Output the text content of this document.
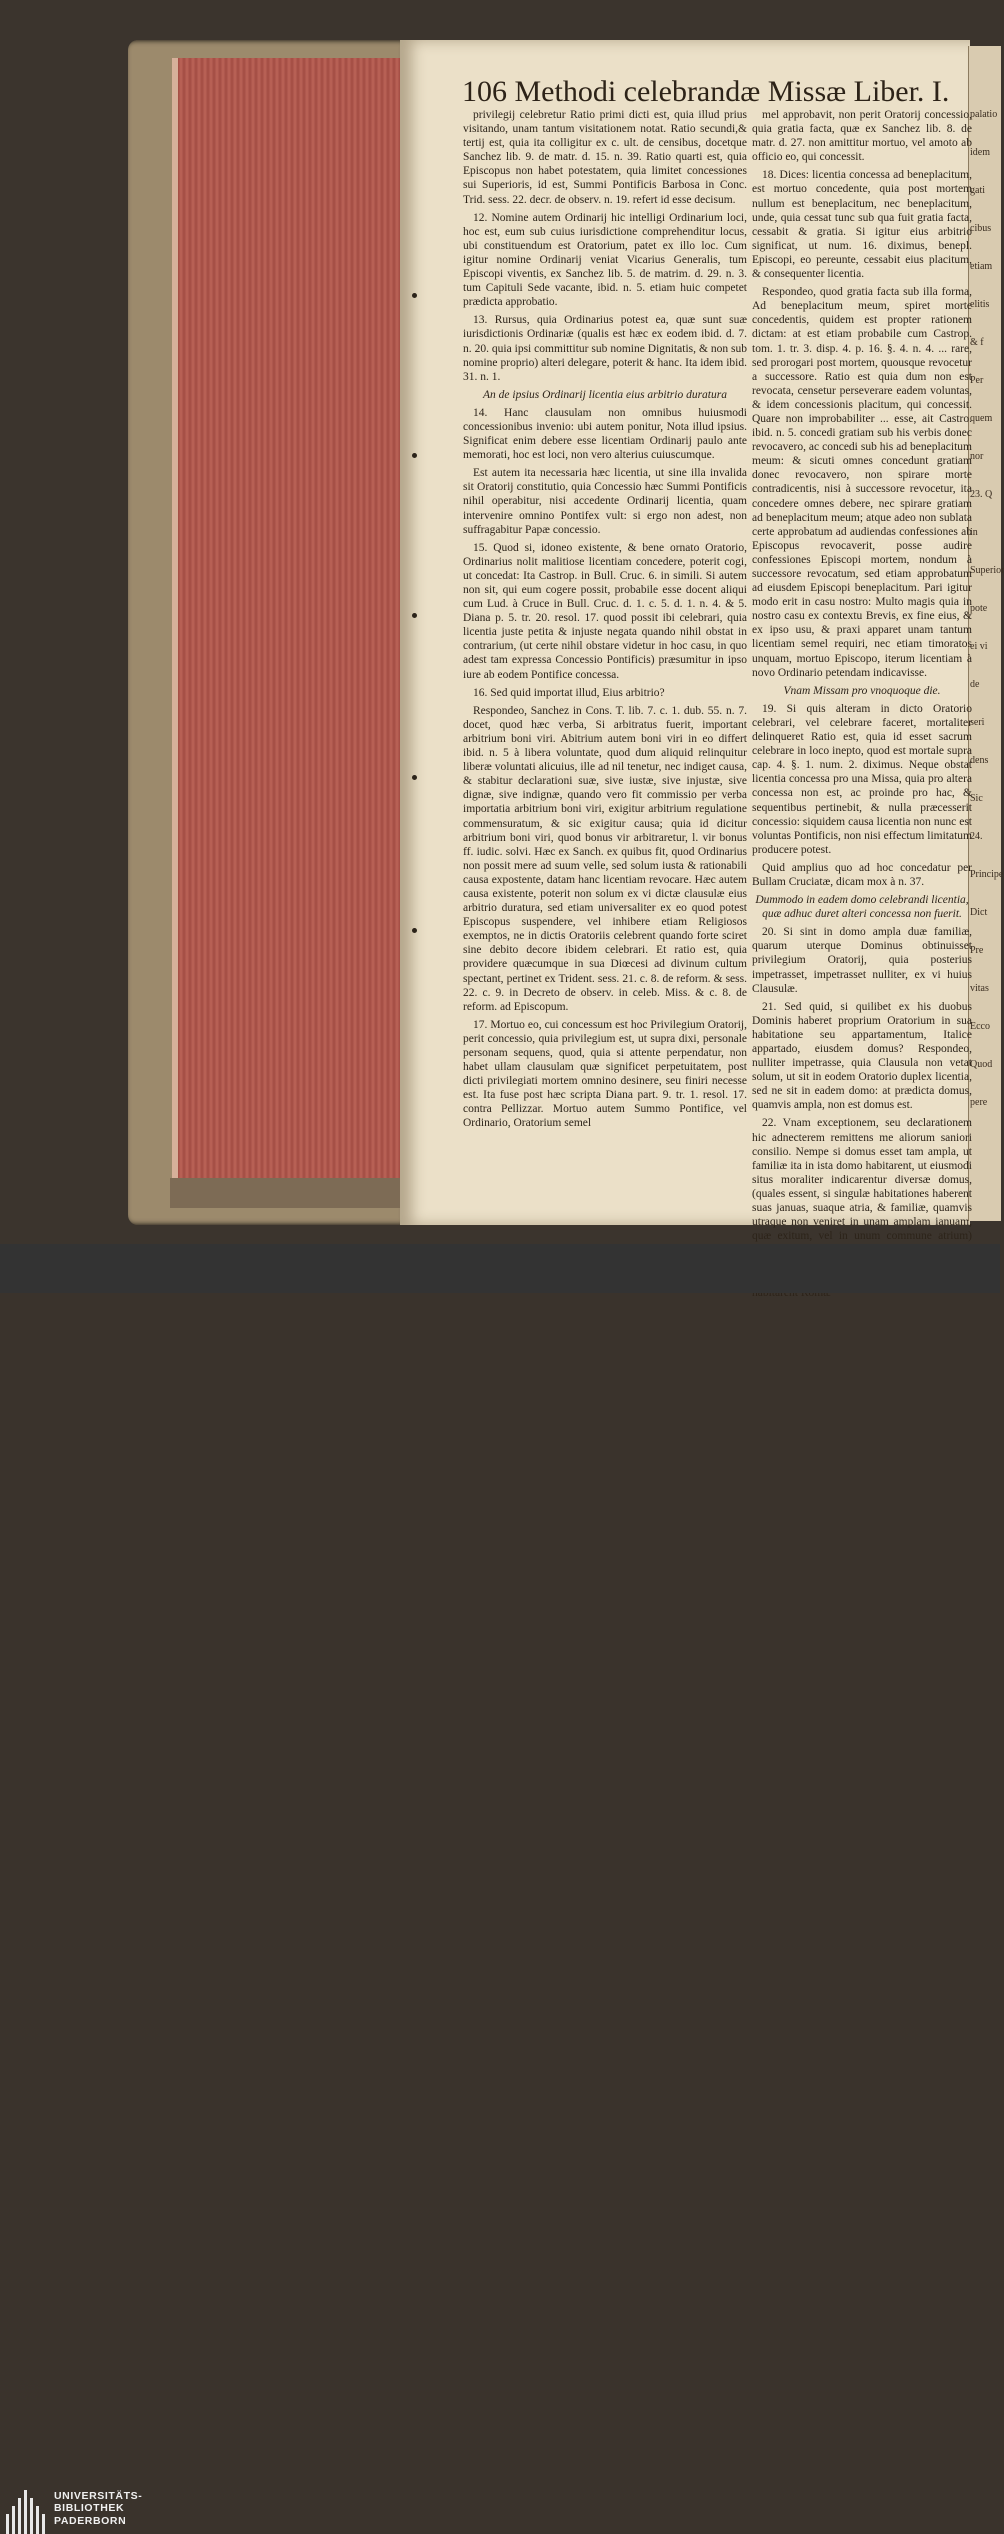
106 Methodi celebrandæ Missæ Liber. I.

privilegij celebretur Ratio primi dicti est, quia illud prius visitando, unam tantum visitationem notat. Ratio secundi,& tertij est, quia ita colligitur ex c. ult. de censibus, docetque Sanchez lib. 9. de matr. d. 15. n. 39. Ratio quarti est, quia Episcopus non habet potestatem, quia limitet concessiones sui Superioris, id est, Summi Pontificis Barbosa in Conc. Trid. sess. 22. decr. de observ. n. 19. refert id esse decisum.

12. Nomine autem Ordinarij hic intelligi Ordinarium loci, hoc est, eum sub cuius iurisdictione comprehenditur locus, ubi constituendum est Oratorium, patet ex illo loc. Cum igitur nomine Ordinarij veniat Vicarius Generalis, tum Episcopi viventis, ex Sanchez lib. 5. de matrim. d. 29. n. 3. tum Capituli Sede vacante, ibid. n. 5. etiam huic competet prædicta approbatio.

13. Rursus, quia Ordinarius potest ea, quæ sunt suæ iurisdictionis Ordinariæ (qualis est hæc ex eodem ibid. d. 7. n. 20. quia ipsi committitur sub nomine Dignitatis, & non sub nomine proprio) alteri delegare, poterit & hanc. Ita idem ibid. 31. n. 1.

An de ipsius Ordinarij licentia eius arbitrio duratura

14. Hanc clausulam non omnibus huiusmodi concessionibus invenio: ubi autem ponitur, Nota illud ipsius. Significat enim debere esse licentiam Ordinarij paulo ante memorati, hoc est loci, non vero alterius cuiuscumque.

Est autem ita necessaria hæc licentia, ut sine illa invalida sit Oratorij constitutio, quia Concessio hæc Summi Pontificis nihil operabitur, nisi accedente Ordinarij licentia, quam intervenire omnino Pontifex vult: si ergo non adest, non suffragabitur Papæ concessio.

15. Quod si, idoneo existente, & bene ornato Oratorio, Ordinarius nolit malitiose licentiam concedere, poterit cogi, ut concedat: Ita Castrop. in Bull. Cruc. 6. in simili. Si autem non sit, qui eum cogere possit, probabile esse docent aliqui cum Lud. à Cruce in Bull. Cruc. d. 1. c. 5. d. 1. n. 4. & 5. Diana p. 5. tr. 20. resol. 17. quod possit ibi celebrari, quia licentia juste petita & injuste negata quando nihil obstat in contrarium, (ut certe nihil obstare videtur in hoc casu, in quo adest tam expressa Concessio Pontificis) præsumitur in ipso iure ab eodem Pontifice concessa.

16. Sed quid importat illud, Eius arbitrio?

Respondeo, Sanchez in Cons. T. lib. 7. c. 1. dub. 55. n. 7. docet, quod hæc verba, Si arbitratus fuerit, important arbitrium boni viri. Abitrium autem boni viri in eo differt ibid. n. 5 à libera voluntate, quod dum aliquid relinquitur liberæ voluntati alicuius, ille ad nil tenetur, nec indiget causa, & stabitur declarationi suæ, sive iustæ, sive injustæ, sive dignæ, sive indignæ, quando vero fit commissio per verba importatia arbitrium boni viri, exigitur arbitrium regulatione commensuratum, & sic exigitur causa; quia id dicitur arbitrium boni viri, quod bonus vir arbitraretur, l. vir bonus ff. iudic. solvi. Hæc ex Sanch. ex quibus fit, quod Ordinarius non possit mere ad suum velle, sed solum iusta & rationabili causa expostente, datam hanc licentiam revocare. Hæc autem causa existente, poterit non solum ex vi dictæ clausulæ eius arbitrio duratura, sed etiam universaliter ex eo quod potest Episcopus suspendere, vel inhibere etiam Religiosos exemptos, ne in dictis Oratoriis celebrent quando forte sciret sine debito decore ibidem celebrari. Et ratio est, quia providere quæcumque in sua Diœcesi ad divinum cultum spectant, pertinet ex Trident. sess. 21. c. 8. de reform. & sess. 22. c. 9. in Decreto de observ. in celeb. Miss. & c. 8. de reform. ad Episcopum.

17. Mortuo eo, cui concessum est hoc Privilegium Oratorij, perit concessio, quia privilegium est, ut supra dixi, personale personam sequens, quod, quia si attente perpendatur, non habet ullam clausulam quæ significet perpetuitatem, post dicti privilegiati mortem omnino desinere, seu finiri necesse est. Ita fuse post hæc scripta Diana part. 9. tr. 1. resol. 17. contra Pellizzar. Mortuo autem Summo Pontifice, vel Ordinario, Oratorium semel

mel approbavit, non perit Oratorij concessio, quia gratia facta, quæ ex Sanchez lib. 8. de matr. d. 27. non amittitur mortuo, vel amoto ab officio eo, qui concessit.

18. Dices: licentia concessa ad beneplacitum, est mortuo concedente, quia post mortem nullum est beneplacitum, nec beneplacitum, unde, quia cessat tunc sub qua fuit gratia facta, cessabit & gratia. Si igitur eius arbitrio significat, ut num. 16. diximus, benepl. Episcopi, eo pereunte, cessabit eius placitum, & consequenter licentia.

Respondeo, quod gratia facta sub illa forma, Ad beneplacitum meum, spiret morte concedentis, quidem est propter rationem dictam: at est etiam probabile cum Castrop. tom. 1. tr. 3. disp. 4. p. 16. §. 4. n. 4. ... rare, sed prorogari post mortem, quousque revocetur a successore. Ratio est quia dum non est revocata, censetur perseverare eadem voluntas, & idem concessionis placitum, qui concessit. Quare non improbabiliter ... esse, ait Castro. ibid. n. 5. concedi gratiam sub his verbis donec revocavero, ac concedi sub his ad beneplacitum meum: & sicuti omnes concedunt gratiam donec revocavero, non spirare morte contradicentis, nisi à successore revocetur, ita concedere omnes debere, nec spirare gratiam ad beneplacitum meum; atque adeo non sublata certe approbatum ad audiendas confessiones ab Episcopus revocaverit, posse audire confessiones Episcopi mortem, nondum à successore revocatum, sed etiam approbatum ad eiusdem Episcopi beneplacitum. Pari igitur modo erit in casu nostro: Multo magis quia in nostro casu ex contextu Brevis, ex fine eius, & ex ipso usu, & praxi apparet unam tantum licentiam semel requiri, nec etiam timoratos unquam, mortuo Episcopo, iterum licentiam à novo Ordinario petendam indicavisse.

Vnam Missam pro vnoquoque die.

19. Si quis alteram in dicto Oratorio celebrari, vel celebrare faceret, mortaliter delinqueret Ratio est, quia id esset sacrum celebrare in loco inepto, quod est mortale supra cap. 4. §. 1. num. 2. diximus. Neque obstat licentia concessa pro una Missa, quia pro altera concessa non est, ac proinde pro hac, & sequentibus pertinebit, & nulla præcesserit concessio: siquidem causa licentia non nunc est voluntas Pontificis, non nisi effectum limitatum producere potest.

Quid amplius quo ad hoc concedatur per Bullam Cruciatæ, dicam mox à n. 37.

Dummodo in eadem domo celebrandi licentia, quæ adhuc duret alteri concessa non fuerit.

20. Si sint in domo ampla duæ familiæ, quarum uterque Dominus obtinuisset privilegium Oratorij, quia posterius impetrasset, impetrasset nulliter, ex vi huius Clausulæ.

21. Sed quid, si quilibet ex his duobus Dominis haberet proprium Oratorium in sua habitatione seu appartamentum, Italice appartado, eiusdem domus? Respondeo, nulliter impetrasse, quia Clausula non vetat solum, ut sit in eodem Oratorio duplex licentia, sed ne sit in eadem domo: at prædicta domus, quamvis ampla, non est domus est.

22. Vnam exceptionem, seu declarationem hic adnecterem remittens me aliorum saniori consilio. Nempe si domus esset tam ampla, ut familiæ ita in ista domo habitarent, ut eiusmodi situs moraliter indicarentur diversæ domus, (quales essent, si singulæ habitationes haberent suas januas, suaque atria, & familiæ, quamvis utraque non veniret in unam amplam ianuam, quæ exitum, vel in unum commune atrium)

palatio
idem
gati
cibus
etiam
elitis
& f
Per
quem
nor
23. Q
in
Superior
pote
ei vi
de
seri
dens
Sic
24.
Principe
Dict
Pre
vitas
Ecco
Quod
pere
UNIVERSITÄTS-
BIBLIOTHEK
PADERBORN
